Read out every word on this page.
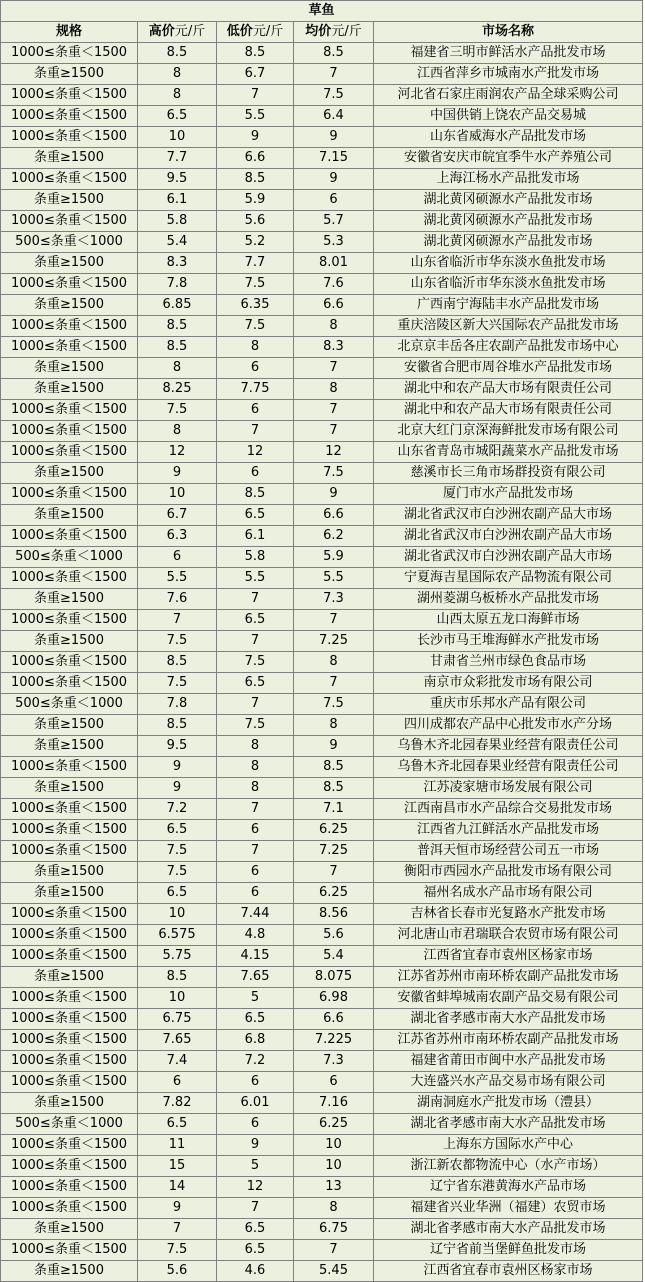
草鱼				
规格	高价元/斤	低价元/斤	均价元/斤	市场名称
1000≤条重＜1500	8.5	8.5	8.5	福建省三明市鲜活水产品批发市场
条重≥1500	8	6.7	7	江西省萍乡市城南水产批发市场
1000≤条重＜1500	8	7	7.5	河北省石家庄雨润农产品全球采购公司
1000≤条重＜1500	6.5	5.5	6.4	中国供销上饶农产品交易城
1000≤条重＜1500	10	9	9	山东省威海水产品批发市场
条重≥1500	7.7	6.6	7.15	安徽省安庆市皖宜季牛水产养殖公司
1000≤条重＜1500	9.5	8.5	9	上海江杨水产品批发市场
条重≥1500	6.1	5.9	6	湖北黄冈硕源水产品批发市场
1000≤条重＜1500	5.8	5.6	5.7	湖北黄冈硕源水产品批发市场
500≤条重＜1000	5.4	5.2	5.3	湖北黄冈硕源水产品批发市场
条重≥1500	8.3	7.7	8.01	山东省临沂市华东淡水鱼批发市场
1000≤条重＜1500	7.8	7.5	7.6	山东省临沂市华东淡水鱼批发市场
条重≥1500	6.85	6.35	6.6	广西南宁海陆丰水产品批发市场
1000≤条重＜1500	8.5	7.5	8	重庆涪陵区新大兴国际农产品批发市场
1000≤条重＜1500	8.5	8	8.3	北京京丰岳各庄农副产品批发市场中心
条重≥1500	8	6	7	安徽省合肥市周谷堆水产品批发市场
条重≥1500	8.25	7.75	8	湖北中和农产品大市场有限责任公司
1000≤条重＜1500	7.5	6	7	湖北中和农产品大市场有限责任公司
1000≤条重＜1500	8	7	7	北京大红门京深海鲜批发市场有限公司
1000≤条重＜1500	12	12	12	山东省青岛市城阳蔬菜水产品批发市场
条重≥1500	9	6	7.5	慈溪市长三角市场群投资有限公司
1000≤条重＜1500	10	8.5	9	厦门市水产品批发市场
条重≥1500	6.7	6.5	6.6	湖北省武汉市白沙洲农副产品大市场
1000≤条重＜1500	6.3	6.1	6.2	湖北省武汉市白沙洲农副产品大市场
500≤条重＜1000	6	5.8	5.9	湖北省武汉市白沙洲农副产品大市场
1000≤条重＜1500	5.5	5.5	5.5	宁夏海吉星国际农产品物流有限公司
条重≥1500	7.6	7	7.3	湖州菱湖乌板桥水产品批发市场
1000≤条重＜1500	7	6.5	7	山西太原五龙口海鲜市场
条重≥1500	7.5	7	7.25	长沙市马王堆海鲜水产批发市场
1000≤条重＜1500	8.5	7.5	8	甘肃省兰州市绿色食品市场
1000≤条重＜1500	7.5	6.5	7	南京市众彩批发市场有限公司
500≤条重＜1000	7.8	7	7.5	重庆市乐邦水产品有限公司
条重≥1500	8.5	7.5	8	四川成都农产品中心批发市水产分场
条重≥1500	9.5	8	9	乌鲁木齐北园春果业经营有限责任公司
1000≤条重＜1500	9	8	8.5	乌鲁木齐北园春果业经营有限责任公司
条重≥1500	9	8	8.5	江苏凌家塘市场发展有限公司
1000≤条重＜1500	7.2	7	7.1	江西南昌市水产品综合交易批发市场
1000≤条重＜1500	6.5	6	6.25	江西省九江鲜活水产品批发市场
1000≤条重＜1500	7.5	7	7.25	普洱天恒市场经营公司五一市场
条重≥1500	7.5	6	7	衡阳市西园水产品批发市场有限公司
条重≥1500	6.5	6	6.25	福州名成水产品市场有限公司
1000≤条重＜1500	10	7.44	8.56	吉林省长春市光复路水产批发市场
1000≤条重＜1500	6.575	4.8	5.6	河北唐山市君瑞联合农贸市场有限公司
1000≤条重＜1500	5.75	4.15	5.4	江西省宜春市袁州区杨家市场
条重≥1500	8.5	7.65	8.075	江苏省苏州市南环桥农副产品批发市场
1000≤条重＜1500	10	5	6.98	安徽省蚌埠城南农副产品交易有限公司
1000≤条重＜1500	6.75	6.5	6.6	湖北省孝感市南大水产品批发市场
1000≤条重＜1500	7.65	6.8	7.225	江苏省苏州市南环桥农副产品批发市场
1000≤条重＜1500	7.4	7.2	7.3	福建省莆田市闽中水产品批发市场
1000≤条重＜1500	6	6	6	大连盛兴水产品交易市场有限公司
条重≥1500	7.82	6.01	7.16	湖南洞庭水产批发市场（澧县）
500≤条重＜1000	6.5	6	6.25	湖北省孝感市南大水产品批发市场
1000≤条重＜1500	11	9	10	上海东方国际水产中心
1000≤条重＜1500	15	5	10	浙江新农都物流中心（水产市场）
1000≤条重＜1500	14	12	13	辽宁省东港黄海水产品市场
1000≤条重＜1500	9	7	8	福建省兴业华洲（福建）农贸市场
条重≥1500	7	6.5	6.75	湖北省孝感市南大水产品批发市场
1000≤条重＜1500	7.5	6.5	7	辽宁省前当堡鲜鱼批发市场
条重≥1500	5.6	4.6	5.45	江西省宜春市袁州区杨家市场
